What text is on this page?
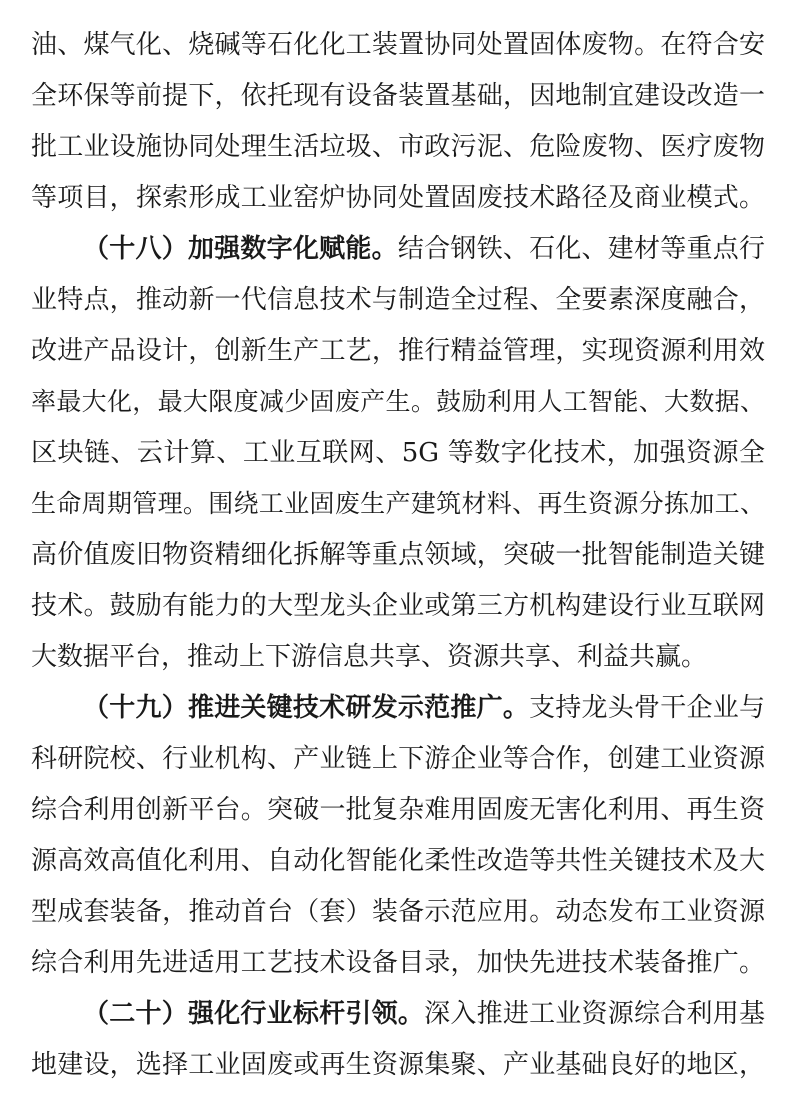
油、煤气化、烧碱等石化化工装置协同处置固体废物。在符合安

全环保等前提下，依托现有设备装置基础，因地制宜建设改造一

批工业设施协同处理生活垃圾、市政污泥、危险废物、医疗废物

等项目，探索形成工业窑炉协同处置固废技术路径及商业模式。

（十八）加强数字化赋能。结合钢铁、石化、建材等重点行

业特点，推动新一代信息技术与制造全过程、全要素深度融合，

改进产品设计，创新生产工艺，推行精益管理，实现资源利用效

率最大化，最大限度减少固废产生。鼓励利用人工智能、大数据、

区块链、云计算、工业互联网、5G 等数字化技术，加强资源全

生命周期管理。围绕工业固废生产建筑材料、再生资源分拣加工、

高价值废旧物资精细化拆解等重点领域，突破一批智能制造关键

技术。鼓励有能力的大型龙头企业或第三方机构建设行业互联网

大数据平台，推动上下游信息共享、资源共享、利益共赢。

（十九）推进关键技术研发示范推广。支持龙头骨干企业与

科研院校、行业机构、产业链上下游企业等合作，创建工业资源

综合利用创新平台。突破一批复杂难用固废无害化利用、再生资

源高效高值化利用、自动化智能化柔性改造等共性关键技术及大

型成套装备，推动首台（套）装备示范应用。动态发布工业资源

综合利用先进适用工艺技术设备目录，加快先进技术装备推广。

（二十）强化行业标杆引领。深入推进工业资源综合利用基

地建设，选择工业固废或再生资源集聚、产业基础良好的地区，
